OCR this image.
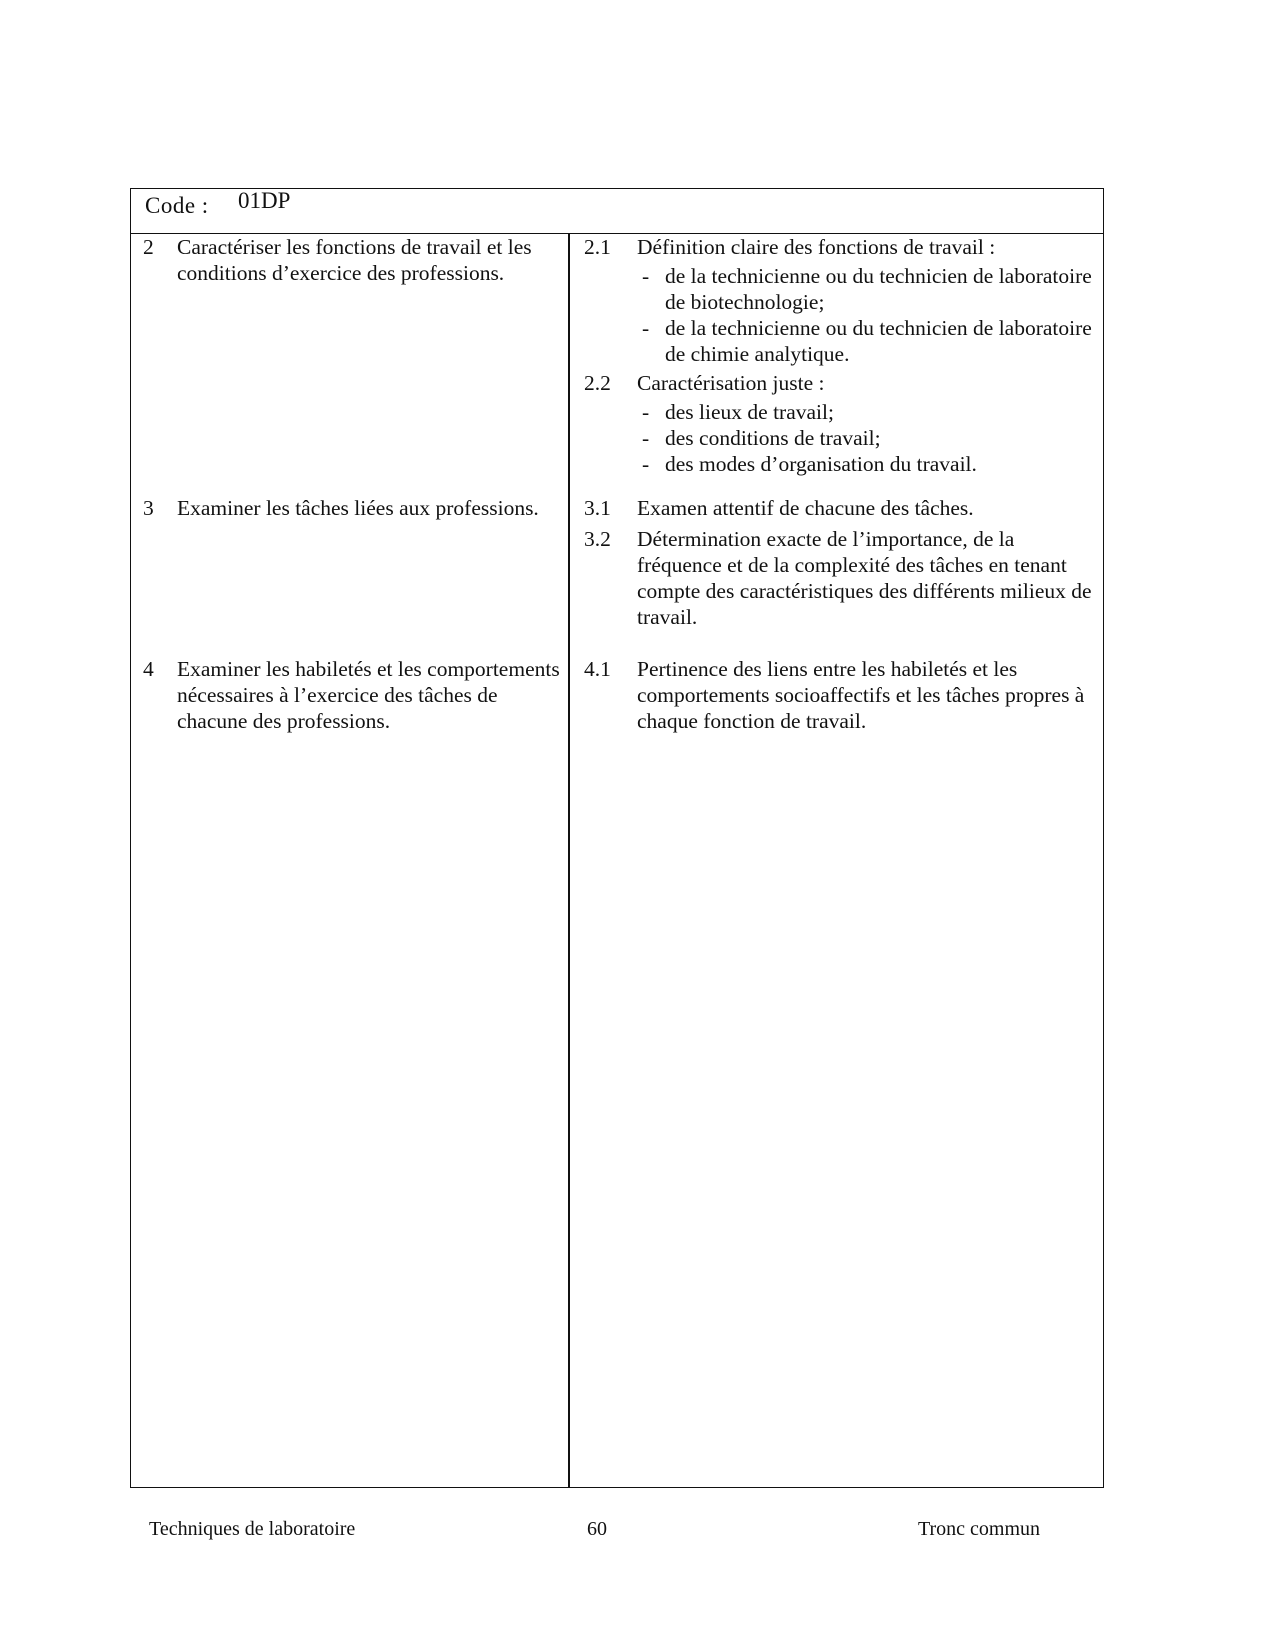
Code : 01DP
2 Caractériser les fonctions de travail et les conditions d’exercice des professions.
3 Examiner les tâches liées aux professions.
4 Examiner les habiletés et les comportements nécessaires à l’exercice des tâches de chacune des professions.
2.1 Définition claire des fonctions de travail :
- de la technicienne ou du technicien de laboratoire de biotechnologie;
- de la technicienne ou du technicien de laboratoire de chimie analytique.
2.2 Caractérisation juste :
- des lieux de travail;
- des conditions de travail;
- des modes d’organisation du travail.
3.1 Examen attentif de chacune des tâches.
3.2 Détermination exacte de l’importance, de la fréquence et de la complexité des tâches en tenant compte des caractéristiques des différents milieux de travail.
4.1 Pertinence des liens entre les habiletés et les comportements socioaffectifs et les tâches propres à chaque fonction de travail.
Techniques de laboratoire	60	Tronc commun
